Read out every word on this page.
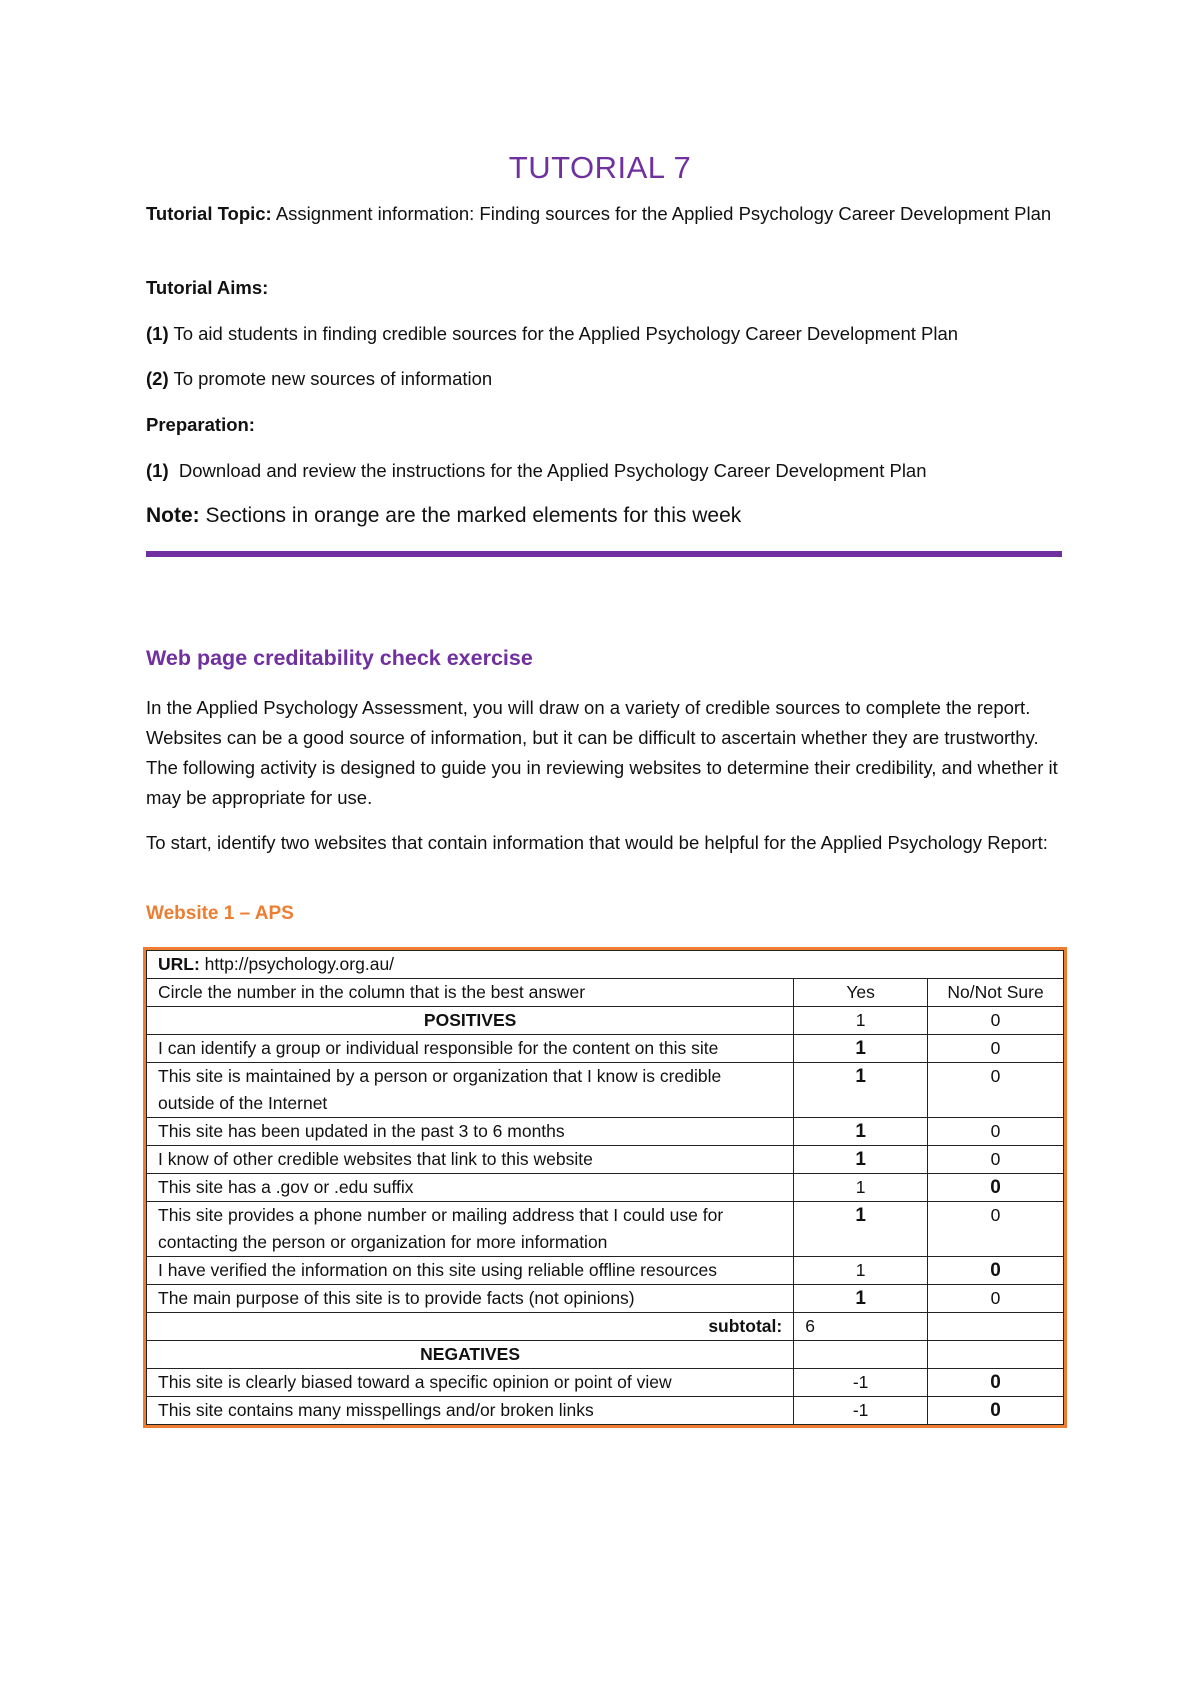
TUTORIAL 7
Tutorial Topic: Assignment information: Finding sources for the Applied Psychology Career Development Plan
Tutorial Aims:
(1) To aid students in finding credible sources for the Applied Psychology Career Development Plan
(2) To promote new sources of information
Preparation:
(1) Download and review the instructions for the Applied Psychology Career Development Plan
Note: Sections in orange are the marked elements for this week
Web page creditability check exercise
In the Applied Psychology Assessment, you will draw on a variety of credible sources to complete the report. Websites can be a good source of information, but it can be difficult to ascertain whether they are trustworthy. The following activity is designed to guide you in reviewing websites to determine their credibility, and whether it may be appropriate for use.
To start, identify two websites that contain information that would be helpful for the Applied Psychology Report:
Website 1 – APS
URL: http://psychology.org.au/		
Circle the number in the column that is the best answer	Yes	No/Not Sure
POSITIVES	1	0
I can identify a group or individual responsible for the content on this site	1	0

This site is maintained by a person or organization that I know is credible
outside of the Internet	1	0
This site has been updated in the past 3 to 6 months	1	0
I know of other credible websites that link to this website	1	0
This site has a .gov or .edu suffix	1	0

This site provides a phone number or mailing address that I could use for
contacting the person or organization for more information	1	0
I have verified the information on this site using reliable offline resources	1	0
The main purpose of this site is to provide facts (not opinions)	1	0
subtotal:	6	
NEGATIVES		
This site is clearly biased toward a specific opinion or point of view	-1	0
This site contains many misspellings and/or broken links	-1	0
